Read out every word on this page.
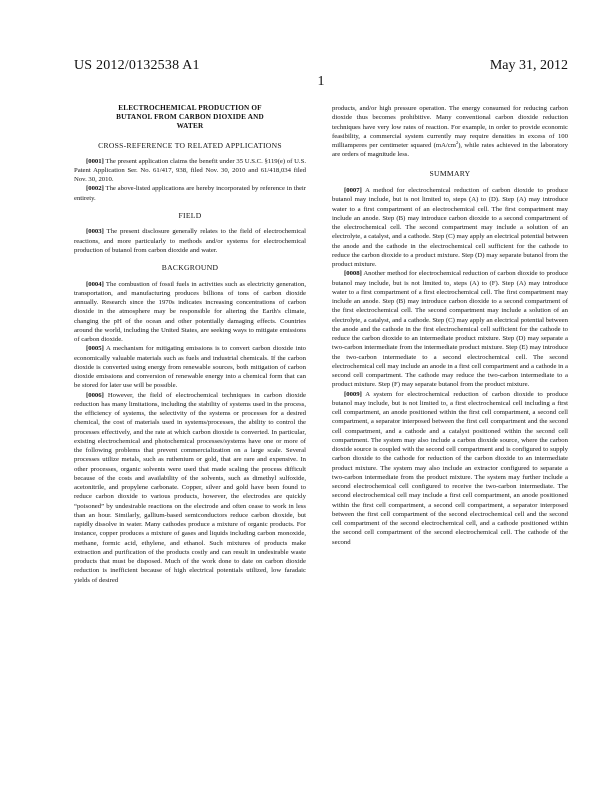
US 2012/0132538 A1
1
May 31, 2012
ELECTROCHEMICAL PRODUCTION OF
BUTANOL FROM CARBON DIOXIDE AND
WATER
CROSS-REFERENCE TO RELATED APPLICATIONS

[0001] The present application claims the benefit under 35 U.S.C. §119(e) of U.S. Patent Application Ser. No. 61/417, 938, filed Nov. 30, 2010 and 61/418,034 filed Nov. 30, 2010.

[0002] The above-listed applications are hereby incorporated by reference in their entirety.

FIELD

[0003] The present disclosure generally relates to the field of electrochemical reactions, and more particularly to methods and/or systems for electrochemical production of butanol from carbon dioxide and water.

BACKGROUND

[0004] The combustion of fossil fuels in activities such as electricity generation, transportation, and manufacturing produces billions of tons of carbon dioxide annually. Research since the 1970s indicates increasing concentrations of carbon dioxide in the atmosphere may be responsible for altering the Earth's climate, changing the pH of the ocean and other potentially damaging effects. Countries around the world, including the United States, are seeking ways to mitigate emissions of carbon dioxide.

[0005] A mechanism for mitigating emissions is to convert carbon dioxide into economically valuable materials such as fuels and industrial chemicals. If the carbon dioxide is converted using energy from renewable sources, both mitigation of carbon dioxide emissions and conversion of renewable energy into a chemical form that can be stored for later use will be possible.

[0006] However, the field of electrochemical techniques in carbon dioxide reduction has many limitations, including the stability of systems used in the process, the efficiency of systems, the selectivity of the systems or processes for a desired chemical, the cost of materials used in systems/processes, the ability to control the processes effectively, and the rate at which carbon dioxide is converted. In particular, existing electrochemical and photochemical processes/systems have one or more of the following problems that prevent commercialization on a large scale. Several processes utilize metals, such as ruthenium or gold, that are rare and expensive. In other processes, organic solvents were used that made scaling the process difficult because of the costs and availability of the solvents, such as dimethyl sulfoxide, acetonitrile, and propylene carbonate. Copper, silver and gold have been found to reduce carbon dioxide to various products, however, the electrodes are quickly “poisoned” by undesirable reactions on the electrode and often cease to work in less than an hour. Similarly, gallium-based semiconductors reduce carbon dioxide, but rapidly dissolve in water. Many cathodes produce a mixture of organic products. For instance, copper produces a mixture of gases and liquids including carbon monoxide, methane, formic acid, ethylene, and ethanol. Such mixtures of products make extraction and purification of the products costly and can result in undesirable waste products that must be disposed. Much of the work done to date on carbon dioxide reduction is inefficient because of high electrical potentials utilized, low faradaic yields of desired

products, and/or high pressure operation. The energy consumed for reducing carbon dioxide thus becomes prohibitive. Many conventional carbon dioxide reduction techniques have very low rates of reaction. For example, in order to provide economic feasibility, a commercial system currently may require densities in excess of 100 milliamperes per centimeter squared $(mA/cm^2)$, while rates achieved in the laboratory are orders of magnitude less.

SUMMARY

[0007] A method for electrochemical reduction of carbon dioxide to produce butanol may include, but is not limited to, steps (A) to (D). Step (A) may introduce water to a first compartment of an electrochemical cell. The first compartment may include an anode. Step (B) may introduce carbon dioxide to a second compartment of the electrochemical cell. The second compartment may include a solution of an electrolyte, a catalyst, and a cathode. Step (C) may apply an electrical potential between the anode and the cathode in the electrochemical cell sufficient for the cathode to reduce the carbon dioxide to a product mixture. Step (D) may separate butanol from the product mixture.

[0008] Another method for electrochemical reduction of carbon dioxide to produce butanol may include, but is not limited to, steps (A) to (F). Step (A) may introduce water to a first compartment of a first electrochemical cell. The first compartment may include an anode. Step (B) may introduce carbon dioxide to a second compartment of the first electrochemical cell. The second compartment may include a solution of an electrolyte, a catalyst, and a cathode. Step (C) may apply an electrical potential between the anode and the cathode in the first electrochemical cell sufficient for the cathode to reduce the carbon dioxide to an intermediate product mixture. Step (D) may separate a two-carbon intermediate from the intermediate product mixture. Step (E) may introduce the two-carbon intermediate to a second electrochemical cell. The second electrochemical cell may include an anode in a first cell compartment and a cathode in a second cell compartment. The cathode may reduce the two-carbon intermediate to a product mixture. Step (F) may separate butanol from the product mixture.

[0009] A system for electrochemical reduction of carbon dioxide to produce butanol may include, but is not limited to, a first electrochemical cell including a first cell compartment, an anode positioned within the first cell compartment, a second cell compartment, a separator interposed between the first cell compartment and the second cell compartment, and a cathode and a catalyst positioned within the second cell compartment. The system may also include a carbon dioxide source, where the carbon dioxide source is coupled with the second cell compartment and is configured to supply carbon dioxide to the cathode for reduction of the carbon dioxide to an intermediate product mixture. The system may also include an extractor configured to separate a two-carbon intermediate from the product mixture. The system may further include a second electrochemical cell configured to receive the two-carbon intermediate. The second electrochemical cell may include a first cell compartment, an anode positioned within the first cell compartment, a second cell compartment, a separator interposed between the first cell compartment of the second electrochemical cell and the second cell compartment of the second electrochemical cell, and a cathode positioned within the second cell compartment of the second electrochemical cell. The cathode of the second
